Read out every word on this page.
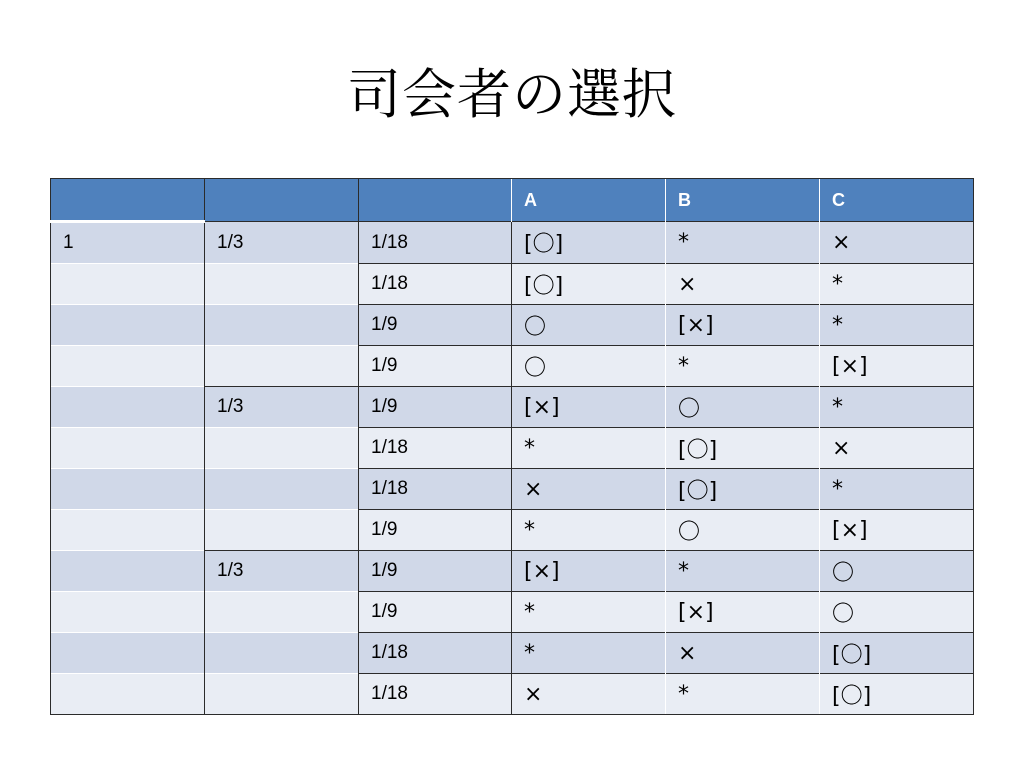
司会者の選択
			A	B	C
1	1/3	1/18	[〇]	*	×
		1/18	[〇]	×	*
		1/9	〇	[×]	*
		1/9	〇	*	[×]
	1/3	1/9	[×]	〇	*
		1/18	*	[〇]	×
		1/18	×	[〇]	*
		1/9	*	〇	[×]
	1/3	1/9	[×]	*	〇
		1/9	*	[×]	〇
		1/18	*	×	[〇]
		1/18	×	*	[〇]
